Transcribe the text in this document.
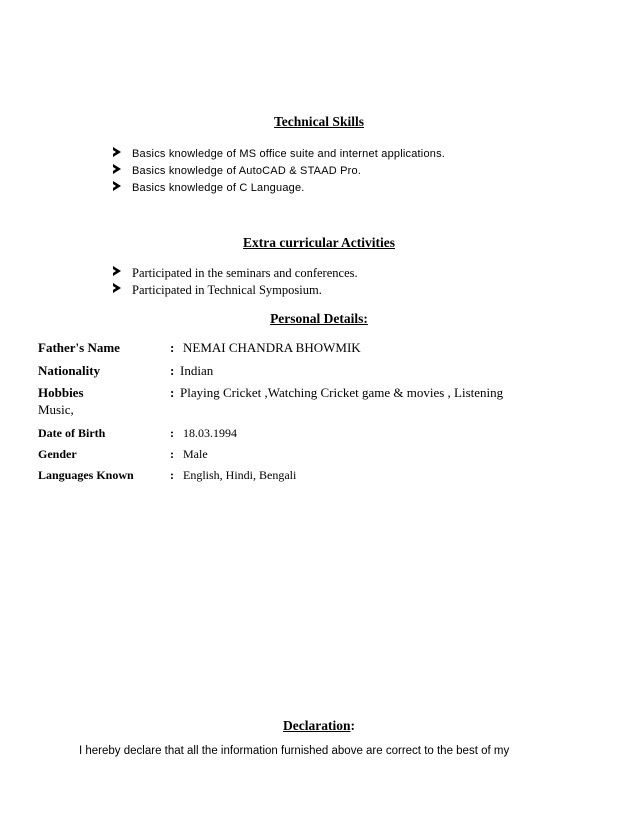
Technical Skills
Basics knowledge of MS office suite and internet applications.
Basics knowledge of AutoCAD & STAAD Pro.
Basics knowledge of C Language.
Extra curricular Activities
Participated in the seminars and conferences.
Participated in Technical Symposium.
Personal Details:
Father's Name	: NEMAI CHANDRA BHOWMIK
Nationality	: Indian
Hobbies	: Playing Cricket ,Watching Cricket game & movies , Listening
Music,
Date of Birth	: 18.03.1994
Gender	: Male
Languages Known	: English, Hindi, Bengali
Declaration:
I hereby declare that all the information furnished above are correct to the best of my
